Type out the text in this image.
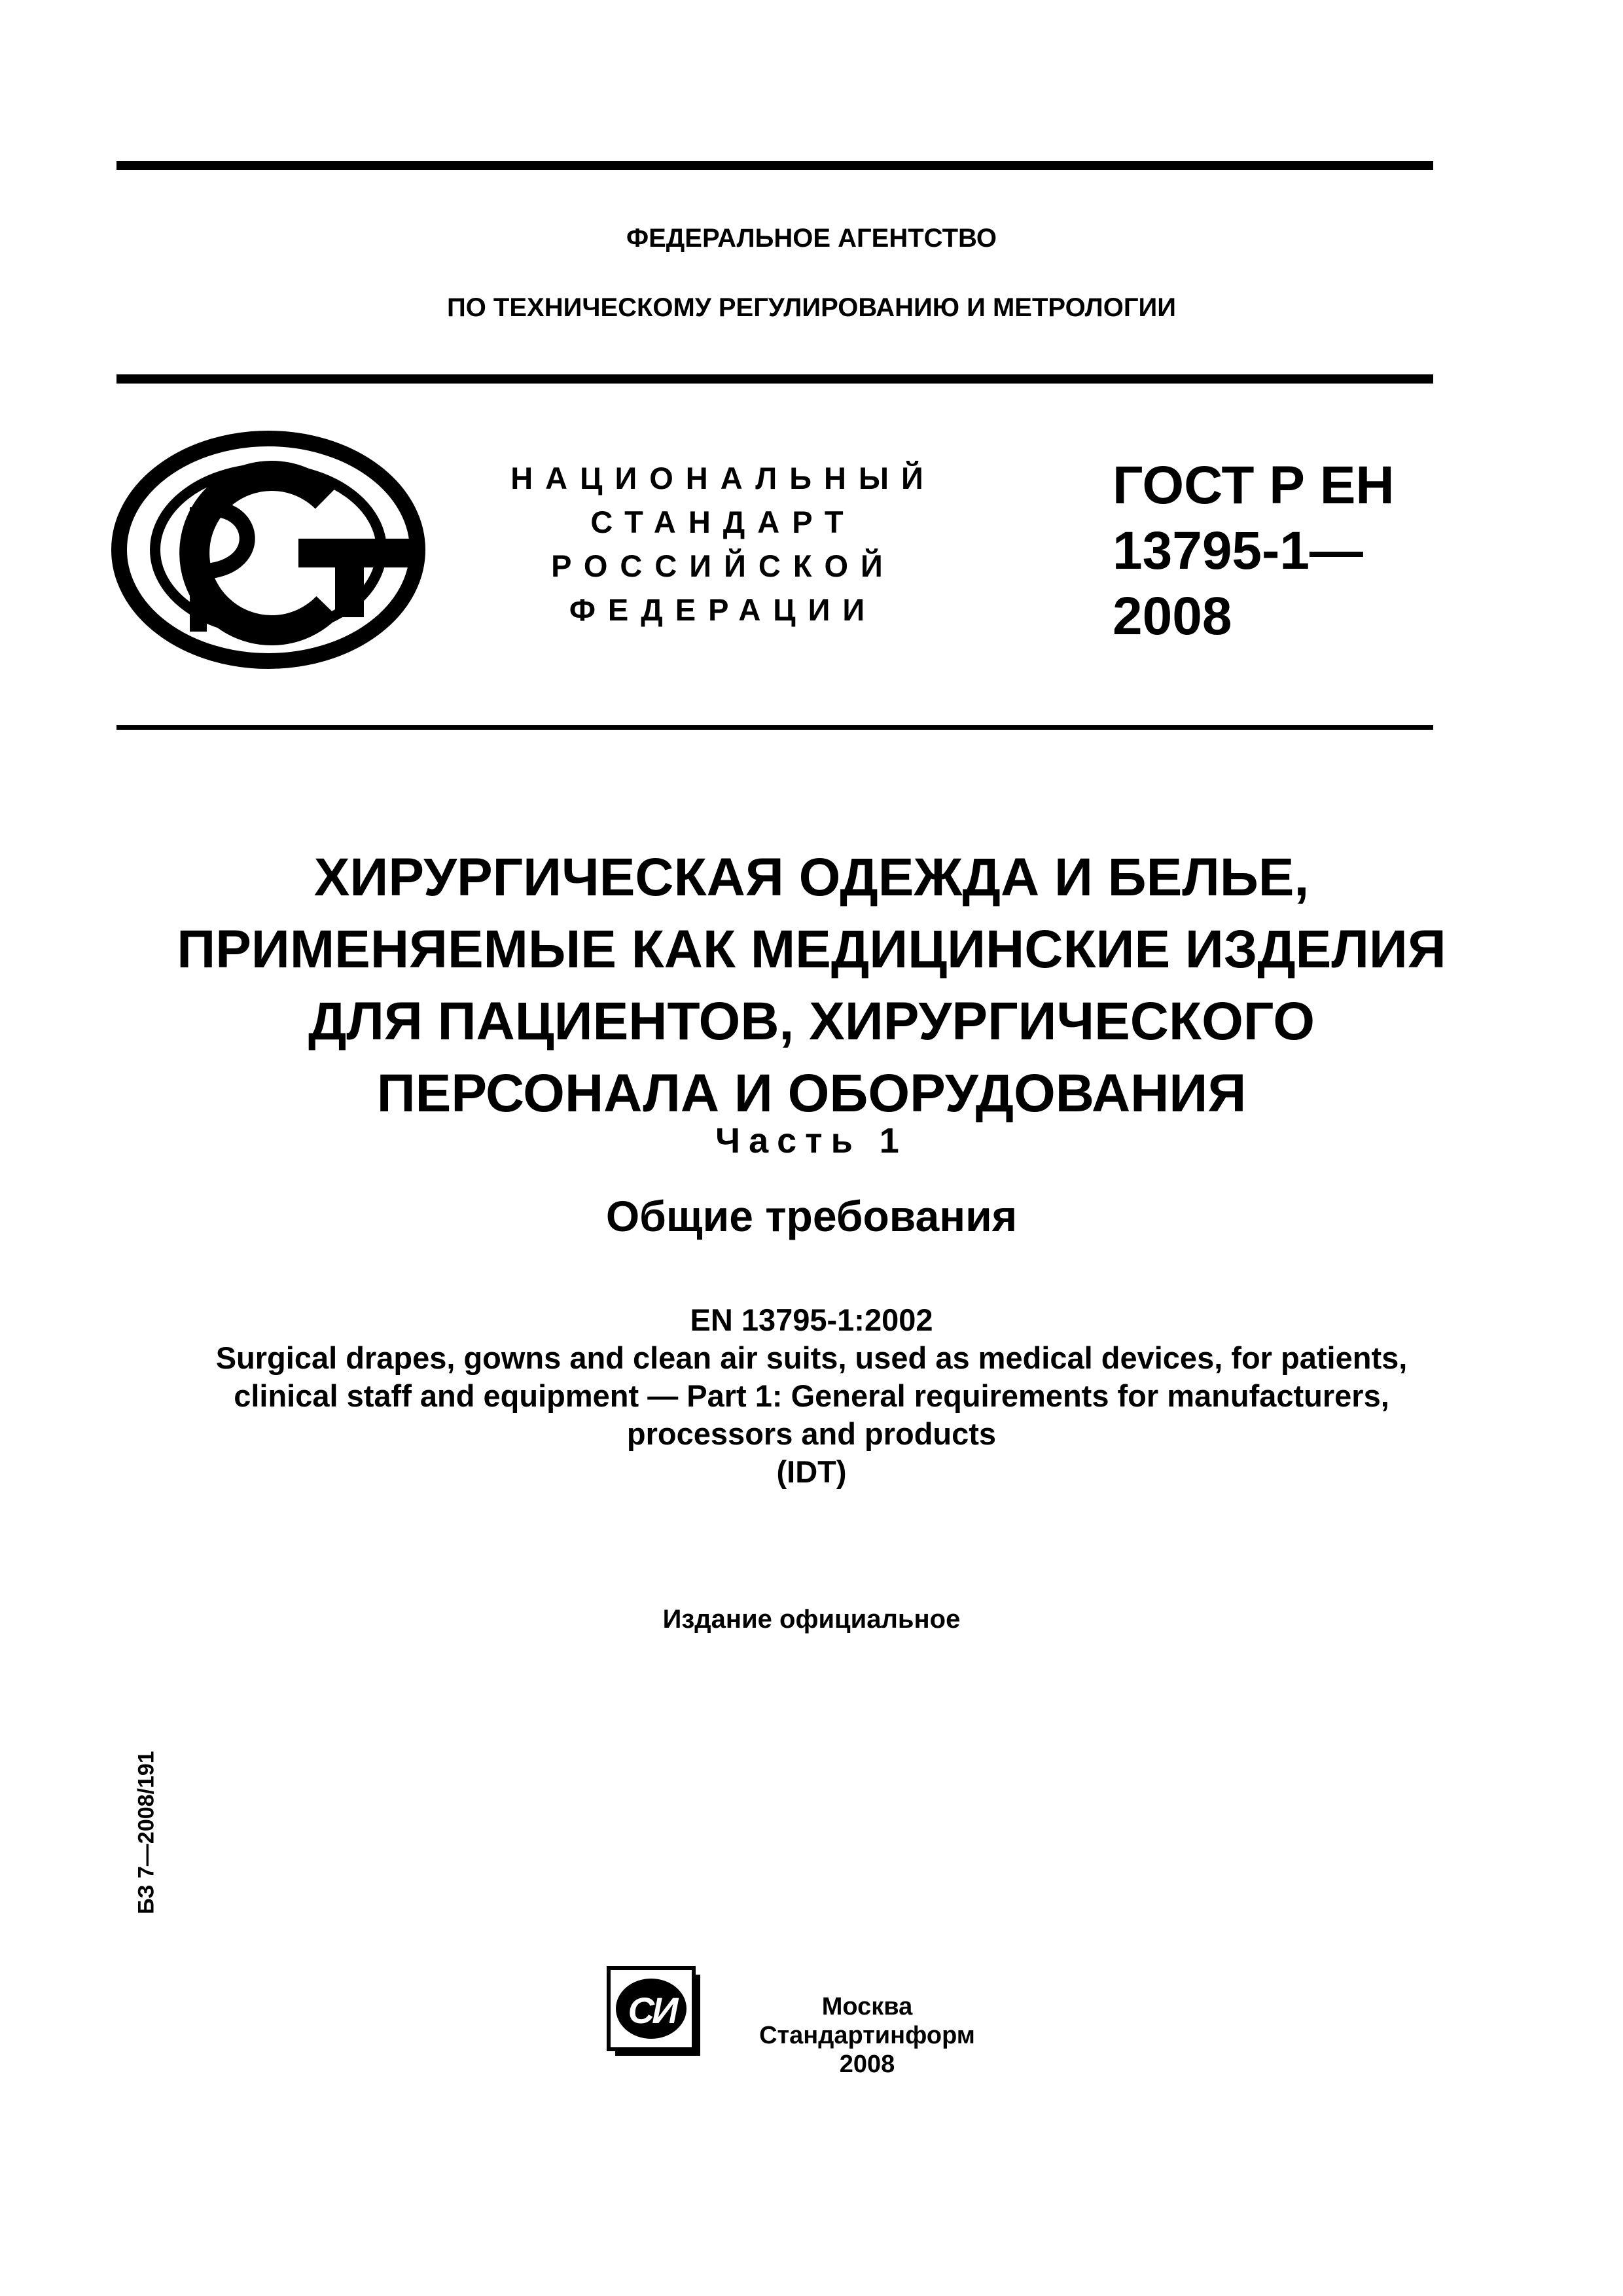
ФЕДЕРАЛЬНОЕ АГЕНТСТВО
ПО ТЕХНИЧЕСКОМУ РЕГУЛИРОВАНИЮ И МЕТРОЛОГИИ
НАЦИОНАЛЬНЫЙ
СТАНДАРТ
РОССИЙСКОЙ
ФЕДЕРАЦИИ
ГОСТ Р ЕН
13795-1—
2008
ХИРУРГИЧЕСКАЯ ОДЕЖДА И БЕЛЬЕ,
ПРИМЕНЯЕМЫЕ КАК МЕДИЦИНСКИЕ ИЗДЕЛИЯ
ДЛЯ ПАЦИЕНТОВ, ХИРУРГИЧЕСКОГО
ПЕРСОНАЛА И ОБОРУДОВАНИЯ
Часть 1
Общие требования
EN 13795-1:2002
Surgical drapes, gowns and clean air suits, used as medical devices, for patients,
clinical staff and equipment — Part 1: General requirements for manufacturers,
processors and products
(IDT)
Издание официальное
БЗ 7—2008/191
СИ	Москва
Стандартинформ
2008
